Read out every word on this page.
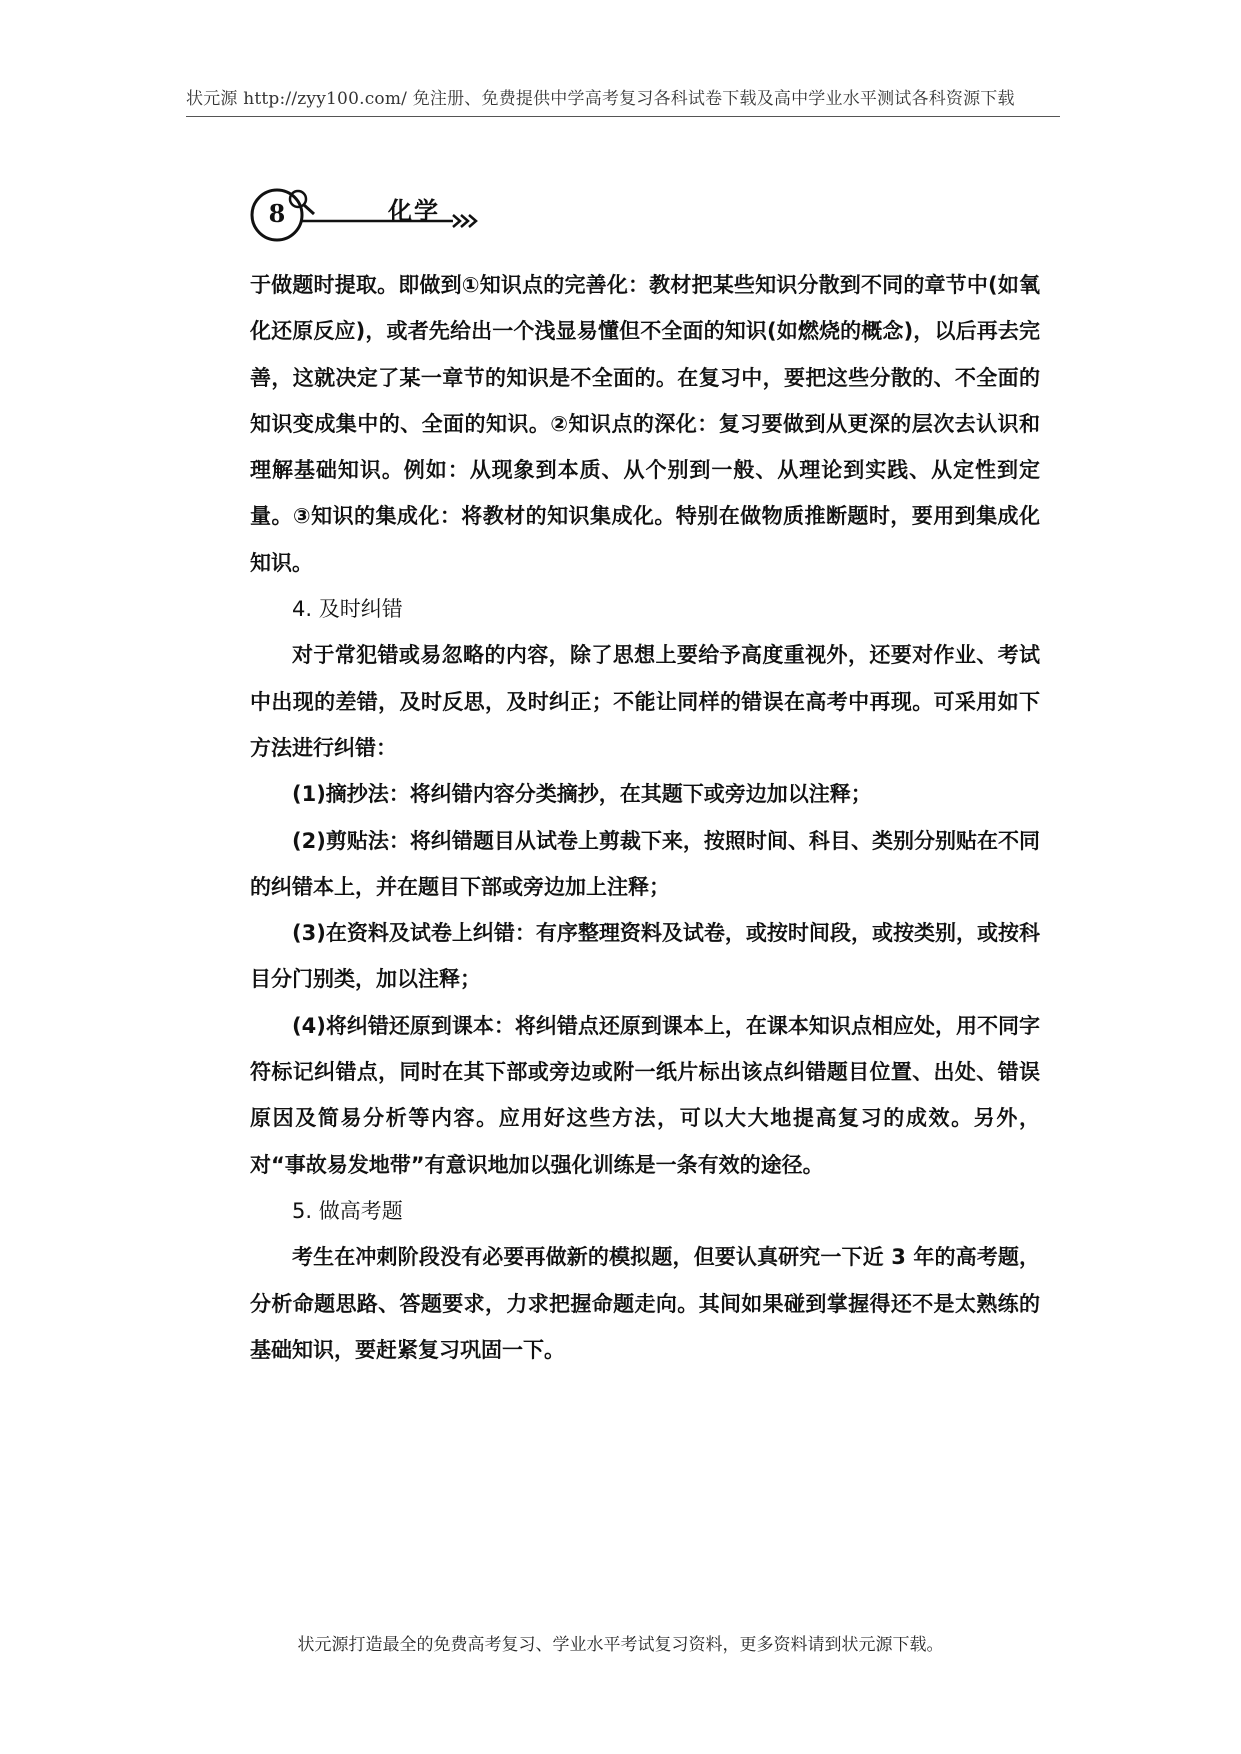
状元源 http://zyy100.com/ 免注册、免费提供中学高考复习各科试卷下载及高中学业水平测试各科资源下载
8	化学

于做题时提取。即做到①知识点的完善化：教材把某些知识分散到不同的章节中(如氧化还原反应)，或者先给出一个浅显易懂但不全面的知识(如燃烧的概念)，以后再去完善，这就决定了某一章节的知识是不全面的。在复习中，要把这些分散的、不全面的知识变成集中的、全面的知识。②知识点的深化：复习要做到从更深的层次去认识和理解基础知识。例如：从现象到本质、从个别到一般、从理论到实践、从定性到定量。③知识的集成化：将教材的知识集成化。特别在做物质推断题时，要用到集成化知识。

4. 及时纠错

对于常犯错或易忽略的内容，除了思想上要给予高度重视外，还要对作业、考试中出现的差错，及时反思，及时纠正；不能让同样的错误在高考中再现。可采用如下方法进行纠错：

(1)摘抄法：将纠错内容分类摘抄，在其题下或旁边加以注释；

(2)剪贴法：将纠错题目从试卷上剪裁下来，按照时间、科目、类别分别贴在不同的纠错本上，并在题目下部或旁边加上注释；

(3)在资料及试卷上纠错：有序整理资料及试卷，或按时间段，或按类别，或按科目分门别类，加以注释；

(4)将纠错还原到课本：将纠错点还原到课本上，在课本知识点相应处，用不同字符标记纠错点，同时在其下部或旁边或附一纸片标出该点纠错题目位置、出处、错误原因及简易分析等内容。应用好这些方法，可以大大地提高复习的成效。另外，对“事故易发地带”有意识地加以强化训练是一条有效的途径。

5. 做高考题

考生在冲刺阶段没有必要再做新的模拟题，但要认真研究一下近 3 年的高考题，分析命题思路、答题要求，力求把握命题走向。其间如果碰到掌握得还不是太熟练的基础知识，要赶紧复习巩固一下。

状元源打造最全的免费高考复习、学业水平考试复习资料，更多资料请到状元源下载。
